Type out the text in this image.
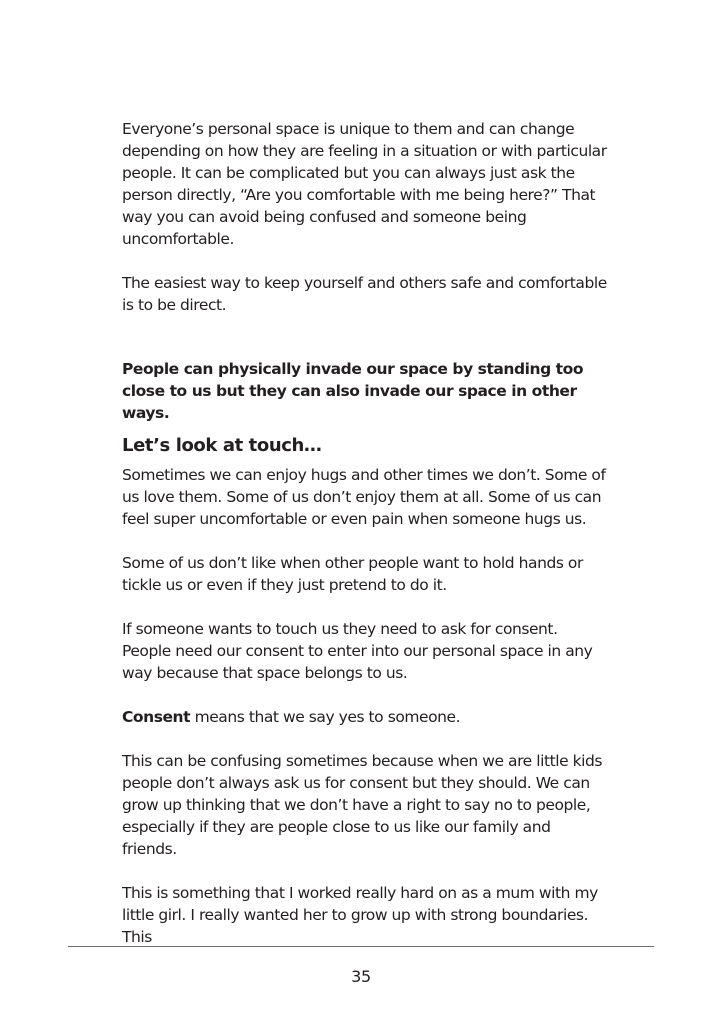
Everyone’s personal space is unique to them and can change depending on how they are feeling in a situation or with particular people. It can be complicated but you can always just ask the person directly, “Are you comfortable with me being here?” That way you can avoid being confused and someone being uncomfortable.

The easiest way to keep yourself and others safe and comfortable is to be direct.

People can physically invade our space by standing too close to us but they can also invade our space in other ways.

Let’s look at touch…

Sometimes we can enjoy hugs and other times we don’t. Some of us love them. Some of us don’t enjoy them at all. Some of us can feel super uncomfortable or even pain when someone hugs us.

Some of us don’t like when other people want to hold hands or tickle us or even if they just pretend to do it.

If someone wants to touch us they need to ask for consent. People need our consent to enter into our personal space in any way because that space belongs to us.

Consent means that we say yes to someone.

This can be confusing sometimes because when we are little kids people don’t always ask us for consent but they should. We can grow up thinking that we don’t have a right to say no to people, especially if they are people close to us like our family and friends.

This is something that I worked really hard on as a mum with my little girl. I really wanted her to grow up with strong boundaries. This

35
